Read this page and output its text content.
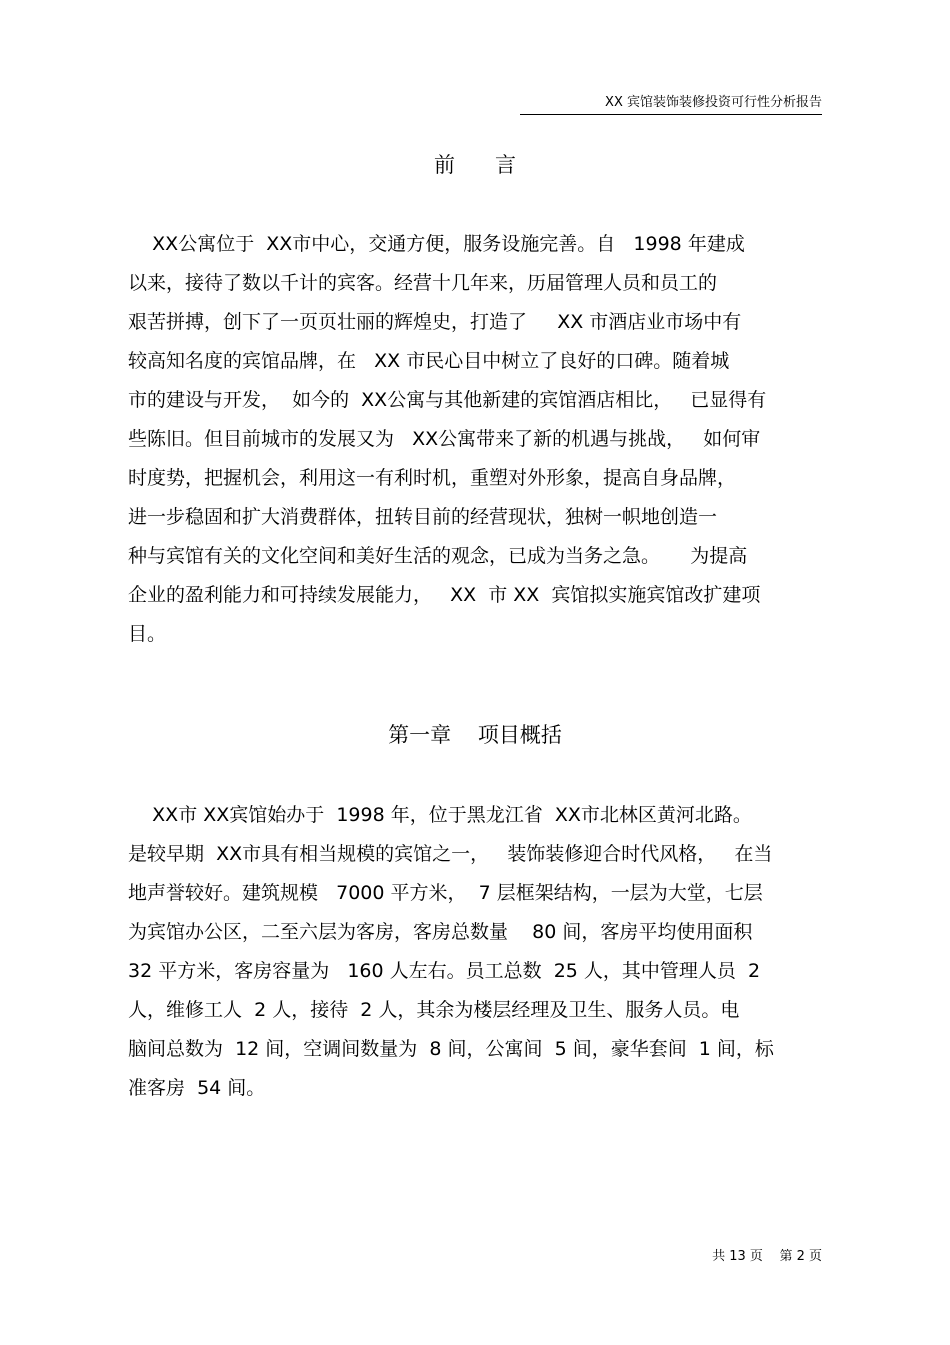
XX 宾馆装饰装修投资可行性分析报告
前      言
XX公寓位于  XX市中心，交通方便，服务设施完善。自   1998 年建成
以来，接待了数以千计的宾客。经营十几年来，历届管理人员和员工的
艰苦拼搏，创下了一页页壮丽的辉煌史，打造了     XX 市酒店业市场中有
较高知名度的宾馆品牌，在   XX 市民心目中树立了良好的口碑。随着城
市的建设与开发，  如今的  XX公寓与其他新建的宾馆酒店相比，   已显得有
些陈旧。但目前城市的发展又为   XX公寓带来了新的机遇与挑战，   如何审
时度势，把握机会，利用这一有利时机，重塑对外形象，提高自身品牌，
进一步稳固和扩大消费群体，扭转目前的经营现状，独树一帜地创造一
种与宾馆有关的文化空间和美好生活的观念，已成为当务之急。     为提高
企业的盈利能力和可持续发展能力，   XX  市 XX  宾馆拟实施宾馆改扩建项
目。
第一章    项目概括
XX市 XX宾馆始办于  1998 年，位于黑龙江省  XX市北林区黄河北路。
是较早期  XX市具有相当规模的宾馆之一，   装饰装修迎合时代风格，   在当
地声誉较好。建筑规模   7000 平方米，  7 层框架结构，一层为大堂，七层
为宾馆办公区，二至六层为客房，客房总数量    80 间，客房平均使用面积
32 平方米，客房容量为   160 人左右。员工总数  25 人，其中管理人员  2
人，维修工人  2 人，接待  2 人，其余为楼层经理及卫生、服务人员。电
脑间总数为  12 间，空调间数量为  8 间，公寓间  5 间，豪华套间  1 间，标
准客房  54 间。
共 13 页    第 2 页
